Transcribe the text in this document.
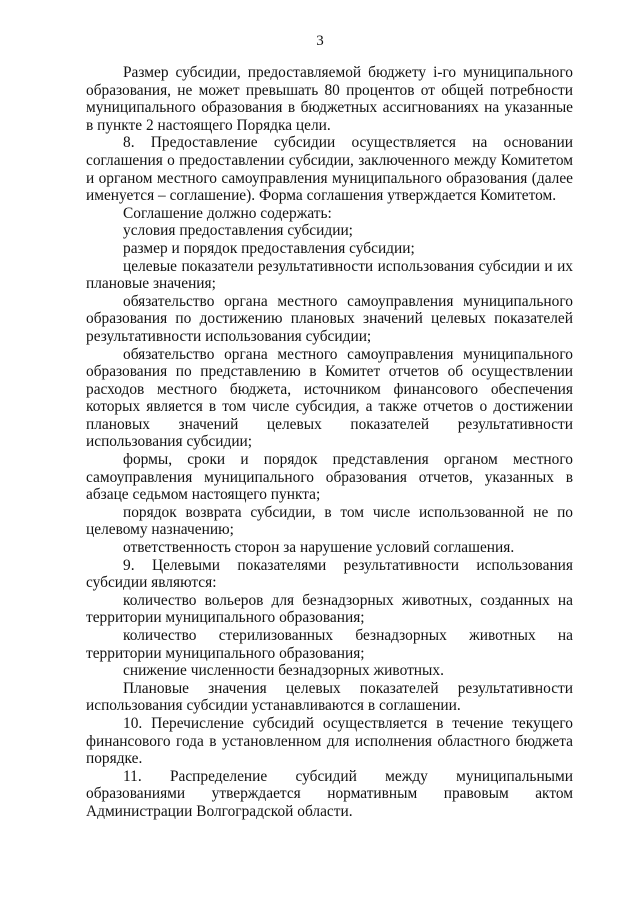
3

Размер субсидии, предоставляемой бюджету i-го муниципального образования, не может превышать 80 процентов от общей потребности муниципального образования в бюджетных ассигнованиях на указанные в пункте 2 настоящего Порядка цели.

8. Предоставление субсидии осуществляется на основании соглашения о предоставлении субсидии, заключенного между Комитетом и органом местного самоуправления муниципального образования (далее именуется – соглашение). Форма соглашения утверждается Комитетом.

Соглашение должно содержать:

условия предоставления субсидии;

размер и порядок предоставления субсидии;

целевые показатели результативности использования субсидии и их плановые значения;

обязательство органа местного самоуправления муниципального образования по достижению плановых значений целевых показателей результативности использования субсидии;

обязательство органа местного самоуправления муниципального образования по представлению в Комитет отчетов об осуществлении расходов местного бюджета, источником финансового обеспечения которых является в том числе субсидия, а также отчетов о достижении плановых значений целевых показателей результативности использования субсидии;

формы, сроки и порядок представления органом местного самоуправления муниципального образования отчетов, указанных в абзаце седьмом настоящего пункта;

порядок возврата субсидии, в том числе использованной не по целевому назначению;

ответственность сторон за нарушение условий соглашения.

9. Целевыми показателями результативности использования субсидии являются:

количество вольеров для безнадзорных животных, созданных на территории муниципального образования;

количество стерилизованных безнадзорных животных на территории муниципального образования;

снижение численности безнадзорных животных.

Плановые значения целевых показателей результативности использования субсидии устанавливаются в соглашении.

10. Перечисление субсидий осуществляется в течение текущего финансового года в установленном для исполнения областного бюджета порядке.

11. Распределение субсидий между муниципальными образованиями утверждается нормативным правовым актом Администрации Волгоградской области.
